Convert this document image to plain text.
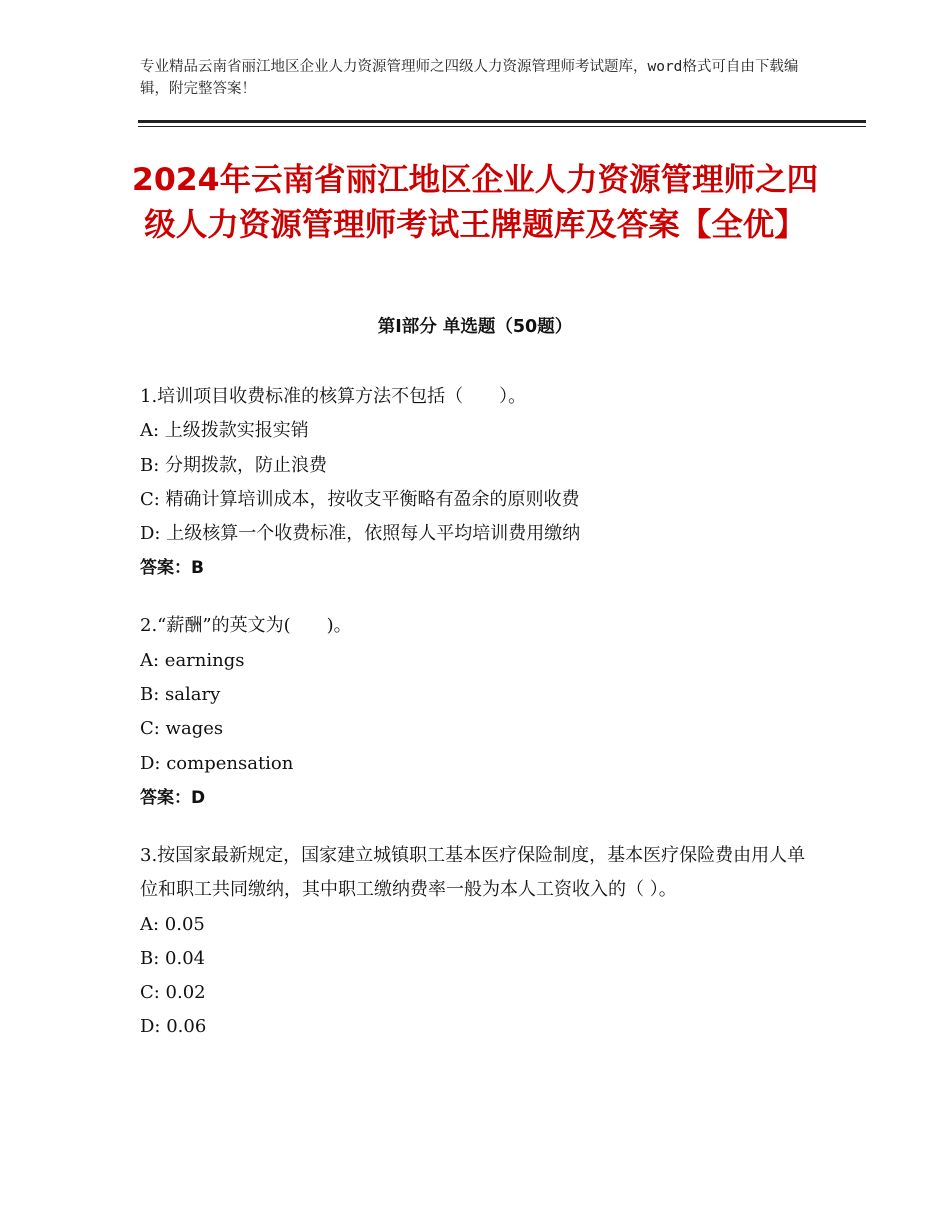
专业精品云南省丽江地区企业人力资源管理师之四级人力资源管理师考试题库，word格式可自由下载编辑，附完整答案！
2024年云南省丽江地区企业人力资源管理师之四级人力资源管理师考试王牌题库及答案【全优】
第Ⅰ部分 单选题（50题）
1.培训项目收费标准的核算方法不包括（　　）。
A: 上级拨款实报实销
B: 分期拨款，防止浪费
C: 精确计算培训成本，按收支平衡略有盈余的原则收费
D: 上级核算一个收费标准，依照每人平均培训费用缴纳
答案：B
2.“薪酬”的英文为(　　)。
A: earnings
B: salary
C: wages
D: compensation
答案：D
3.按国家最新规定，国家建立城镇职工基本医疗保险制度，基本医疗保险费由用人单位和职工共同缴纳，其中职工缴纳费率一般为本人工资收入的（ ）。
A: 0.05
B: 0.04
C: 0.02
D: 0.06
